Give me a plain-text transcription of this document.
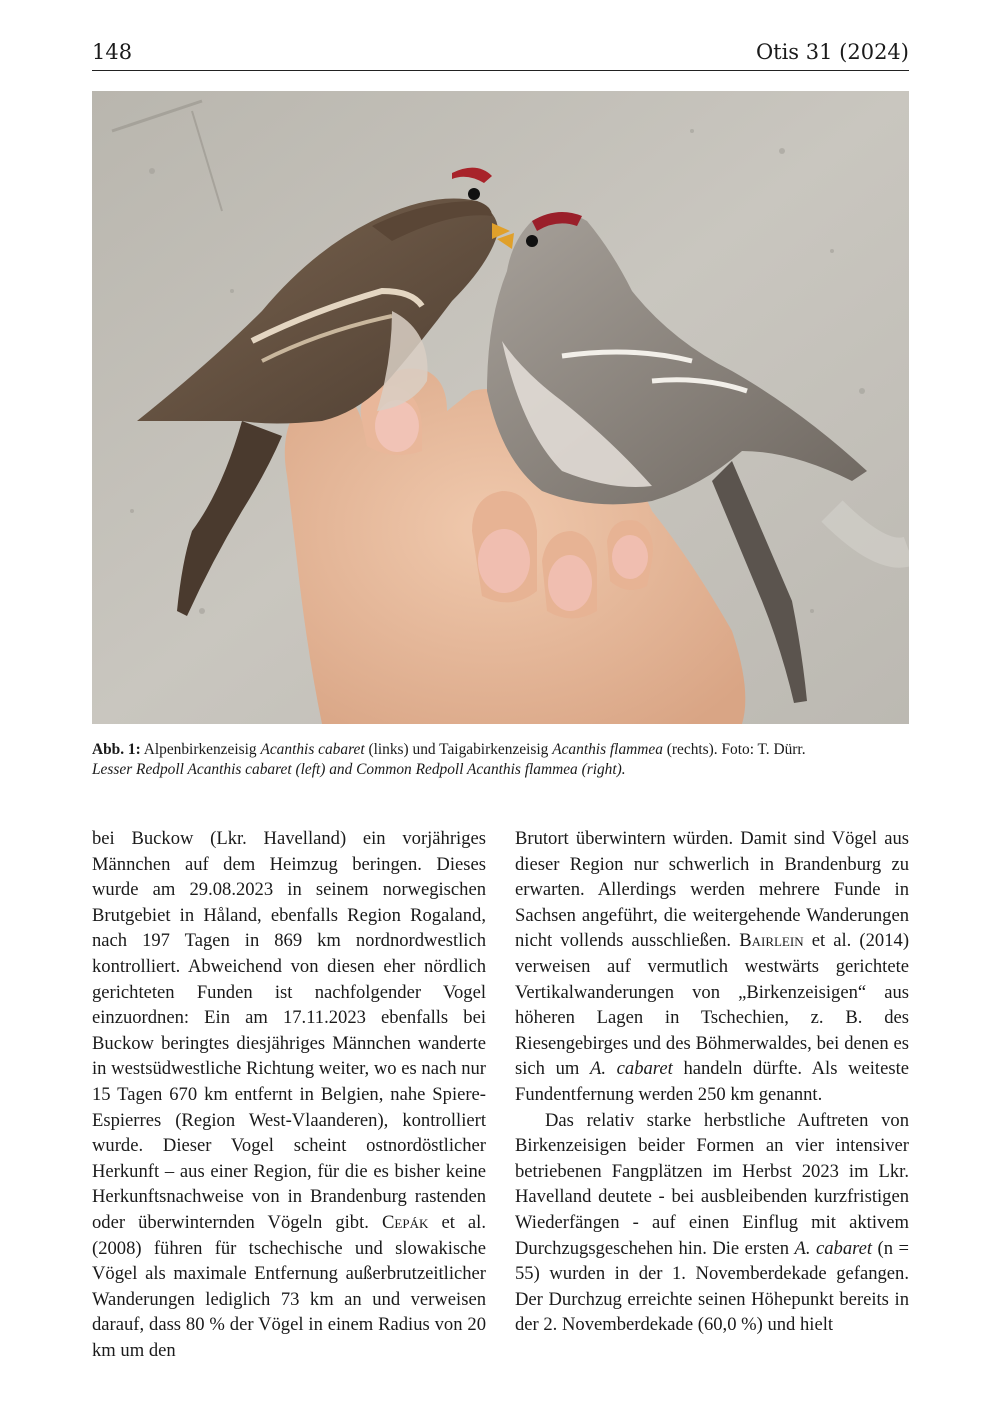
148	Otis 31 (2024)
Abb. 1: Alpenbirkenzeisig Acanthis cabaret (links) und Taigabirkenzeisig Acanthis flammea (rechts). Foto: T. Dürr.
Lesser Redpoll Acanthis cabaret (left) and Common Redpoll Acanthis flammea (right).

bei Buckow (Lkr. Havelland) ein vorjähriges Männchen auf dem Heimzug beringen. Dieses wurde am 29.08.2023 in seinem norwegischen Brutgebiet in Håland, ebenfalls Region Rogaland, nach 197 Tagen in 869 km nordnordwestlich kontrolliert. Abweichend von diesen eher nördlich gerichteten Funden ist nachfolgender Vogel einzuordnen: Ein am 17.11.2023 ebenfalls bei Buckow beringtes diesjähriges Männchen wanderte in westsüdwestliche Richtung weiter, wo es nach nur 15 Tagen 670 km entfernt in Belgien, nahe Spiere-Espierres (Region West-Vlaanderen), kontrolliert wurde. Dieser Vogel scheint ostnordöstlicher Herkunft – aus einer Region, für die es bisher keine Herkunftsnachweise von in Brandenburg rastenden oder überwinternden Vögeln gibt. Cepák et al. (2008) führen für tschechische und slowakische Vögel als maximale Entfernung außerbrutzeitlicher Wanderungen lediglich 73 km an und verweisen darauf, dass 80 % der Vögel in einem Radius von 20 km um den

Brutort überwintern würden. Damit sind Vögel aus dieser Region nur schwerlich in Brandenburg zu erwarten. Allerdings werden mehrere Funde in Sachsen angeführt, die weitergehende Wanderungen nicht vollends ausschließen. Bairlein et al. (2014) verweisen auf vermutlich westwärts gerichtete Vertikalwanderungen von „Birkenzeisigen“ aus höheren Lagen in Tschechien, z. B. des Riesengebirges und des Böhmerwaldes, bei denen es sich um A. cabaret handeln dürfte. Als weiteste Fundentfernung werden 250 km genannt.

Das relativ starke herbstliche Auftreten von Birkenzeisigen beider Formen an vier intensiver betriebenen Fangplätzen im Herbst 2023 im Lkr. Havelland deutete - bei ausbleibenden kurzfristigen Wiederfängen - auf einen Einflug mit aktivem Durchzugsgeschehen hin. Die ersten A. cabaret (n = 55) wurden in der 1. Novemberdekade gefangen. Der Durchzug erreichte seinen Höhepunkt bereits in der 2. Novemberdekade (60,0 %) und hielt
